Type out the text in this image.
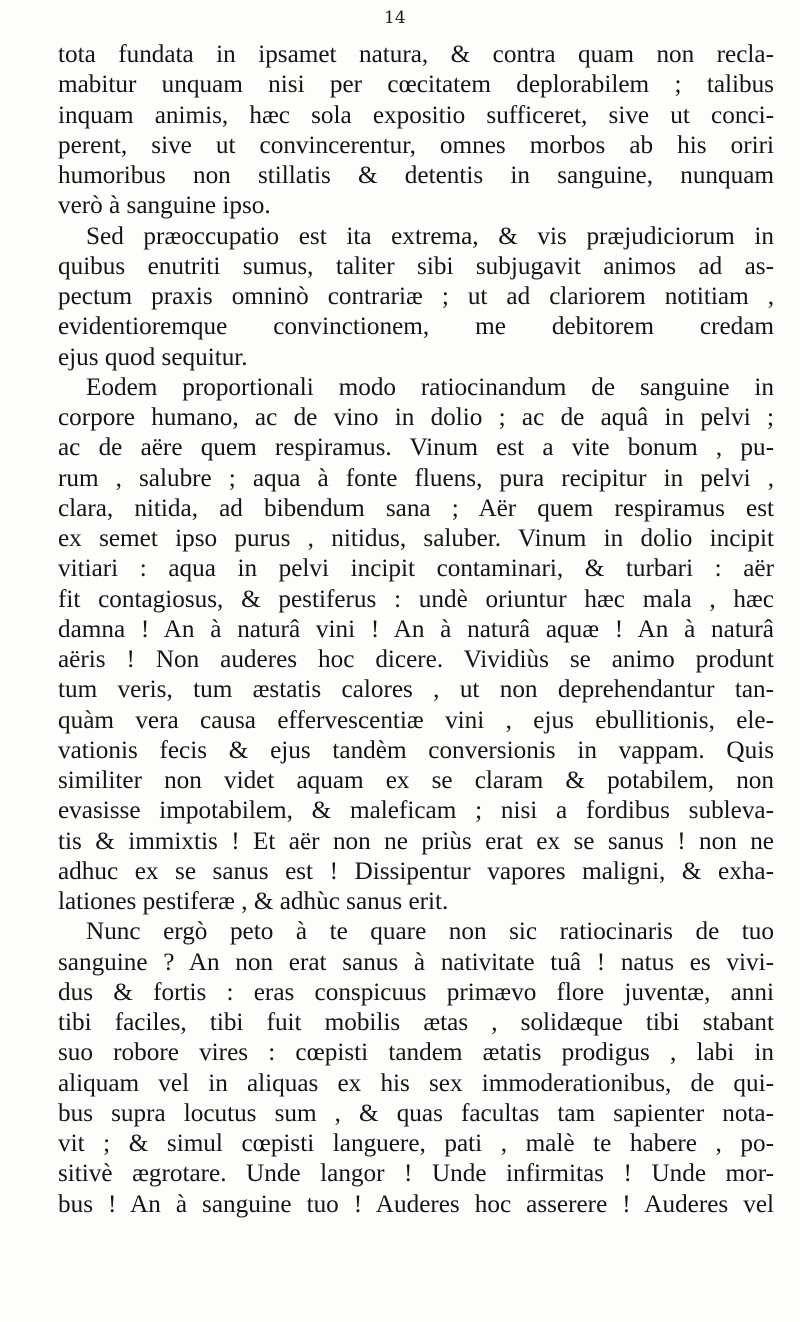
14
tota fundata in ipsamet natura, & contra quam non recla-
mabitur unquam nisi per cœcitatem deplorabilem ; talibus
inquam animis, hæc sola expositio sufficeret, sive ut conci-
perent, sive ut convincerentur, omnes morbos ab his oriri
humoribus non stillatis & detentis in sanguine, nunquam
verò à sanguine ipso.
Sed præoccupatio est ita extrema, & vis præjudiciorum in
quibus enutriti sumus, taliter sibi subjugavit animos ad as-
pectum praxis omninò contrariæ ; ut ad clariorem notitiam ,
evidentioremque convinctionem, me debitorem credam
ejus quod sequitur.
Eodem proportionali modo ratiocinandum de sanguine in
corpore humano, ac de vino in dolio ; ac de aquâ in pelvi ;
ac de aëre quem respiramus. Vinum est a vite bonum , pu-
rum , salubre ; aqua à fonte fluens, pura recipitur in pelvi ,
clara, nitida, ad bibendum sana ; Aër quem respiramus est
ex semet ipso purus , nitidus, saluber. Vinum in dolio incipit
vitiari : aqua in pelvi incipit contaminari, & turbari : aër
fit contagiosus, & pestiferus : undè oriuntur hæc mala , hæc
damna ! An à naturâ vini ! An à naturâ aquæ ! An à naturâ
aëris ! Non auderes hoc dicere. Vividiùs se animo produnt
tum veris, tum æstatis calores , ut non deprehendantur tan-
quàm vera causa effervescentiæ vini , ejus ebullitionis, ele-
vationis fecis & ejus tandèm conversionis in vappam. Quis
similiter non videt aquam ex se claram & potabilem, non
evasisse impotabilem, & maleficam ; nisi a fordibus subleva-
tis & immixtis ! Et aër non ne priùs erat ex se sanus ! non ne
adhuc ex se sanus est ! Dissipentur vapores maligni, & exha-
lationes pestiferæ , & adhùc sanus erit.
Nunc ergò peto à te quare non sic ratiocinaris de tuo
sanguine ? An non erat sanus à nativitate tuâ ! natus es vivi-
dus & fortis : eras conspicuus primævo flore juventæ, anni
tibi faciles, tibi fuit mobilis ætas , solidæque tibi stabant
suo robore vires : cœpisti tandem ætatis prodigus , labi in
aliquam vel in aliquas ex his sex immoderationibus, de qui-
bus supra locutus sum , & quas facultas tam sapienter nota-
vit ; & simul cœpisti languere, pati , malè te habere , po-
sitivè ægrotare. Unde langor ! Unde infirmitas ! Unde mor-
bus ! An à sanguine tuo ! Auderes hoc asserere ! Auderes vel
